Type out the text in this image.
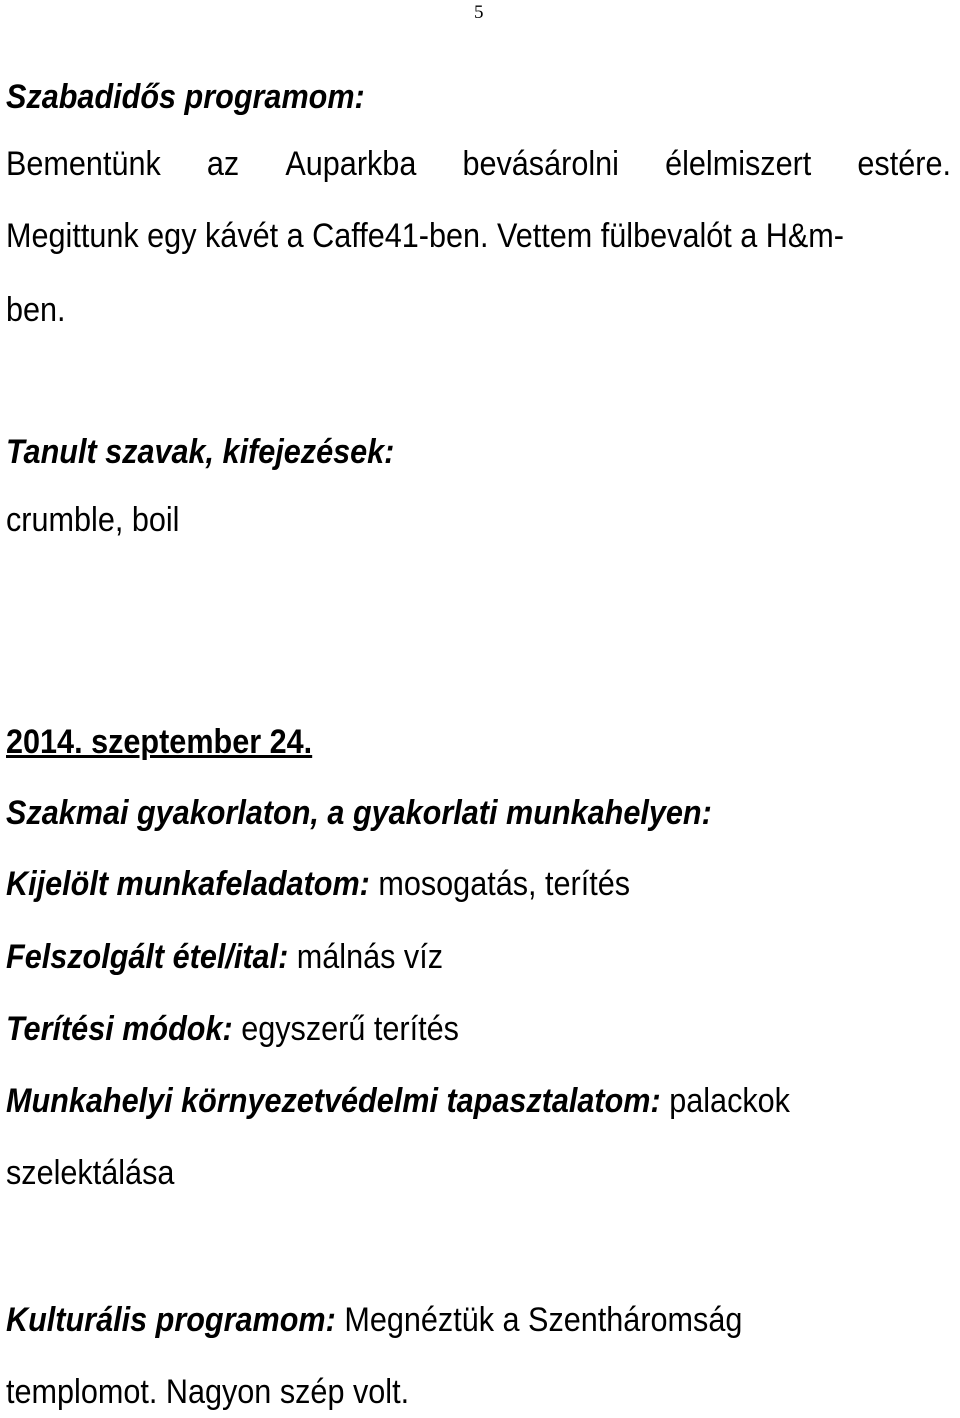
5
Szabadidős programom:
Bementünk az Auparkba bevásárolni élelmiszert estére.
Megittunk egy kávét a Caffe41-ben. Vettem fülbevalót a H&m-
ben.
Tanult szavak, kifejezések:
crumble, boil
2014. szeptember 24.
Szakmai gyakorlaton, a gyakorlati munkahelyen:
Kijelölt munkafeladatom: mosogatás, terítés
Felszolgált étel/ital: málnás víz
Terítési módok: egyszerű terítés
Munkahelyi környezetvédelmi tapasztalatom: palackok
szelektálása
Kulturális programom: Megnéztük a Szentháromság
templomot. Nagyon szép volt.
